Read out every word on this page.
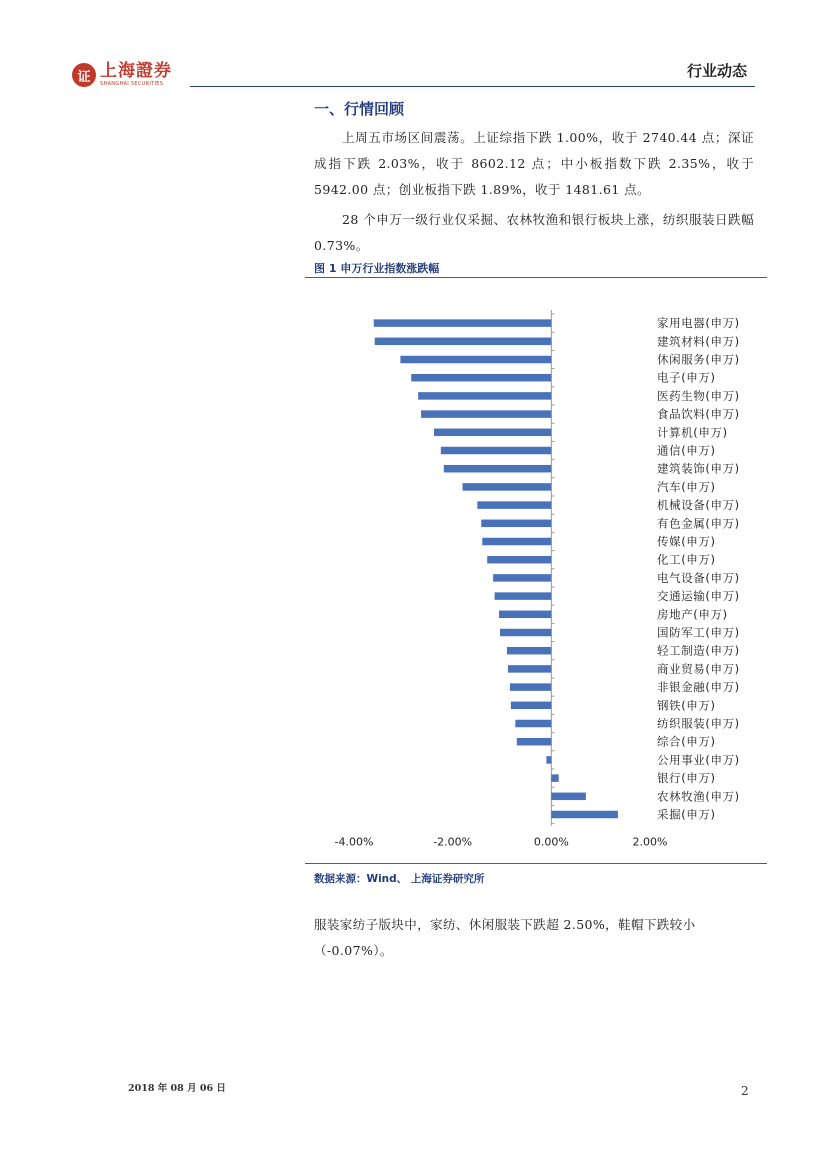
证 上海證券
SHANGHAI SECURITIES
行业动态
一、行情回顾

上周五市场区间震荡。上证综指下跌 1.00%，收于 2740.44 点；深证成指下跌 2.03%，收于 8602.12 点；中小板指数下跌 2.35%，收于 5942.00 点；创业板指下跌 1.89%，收于 1481.61 点。

28 个申万一级行业仅采掘、农林牧渔和银行板块上涨，纺织服装日跌幅 0.73%。

图 1 申万行业指数涨跌幅
家用电器(申万)
建筑材料(申万)
休闲服务(申万)
电子(申万)
医药生物(申万)
食品饮料(申万)
计算机(申万)
通信(申万)
建筑装饰(申万)
汽车(申万)
机械设备(申万)
有色金属(申万)
传媒(申万)
化工(申万)
电气设备(申万)
交通运输(申万)
房地产(申万)
国防军工(申万)
轻工制造(申万)
商业贸易(申万)
非银金融(申万)
钢铁(申万)
纺织服装(申万)
综合(申万)
公用事业(申万)
银行(申万)
农林牧渔(申万)
采掘(申万)
-4.00%	-2.00%	0.00%	2.00%
数据来源：Wind、 上海证券研究所
服装家纺子版块中，家纺、休闲服装下跌超 2.50%，鞋帽下跌较小（-0.07%）。
2018 年 08 月 06 日	2
